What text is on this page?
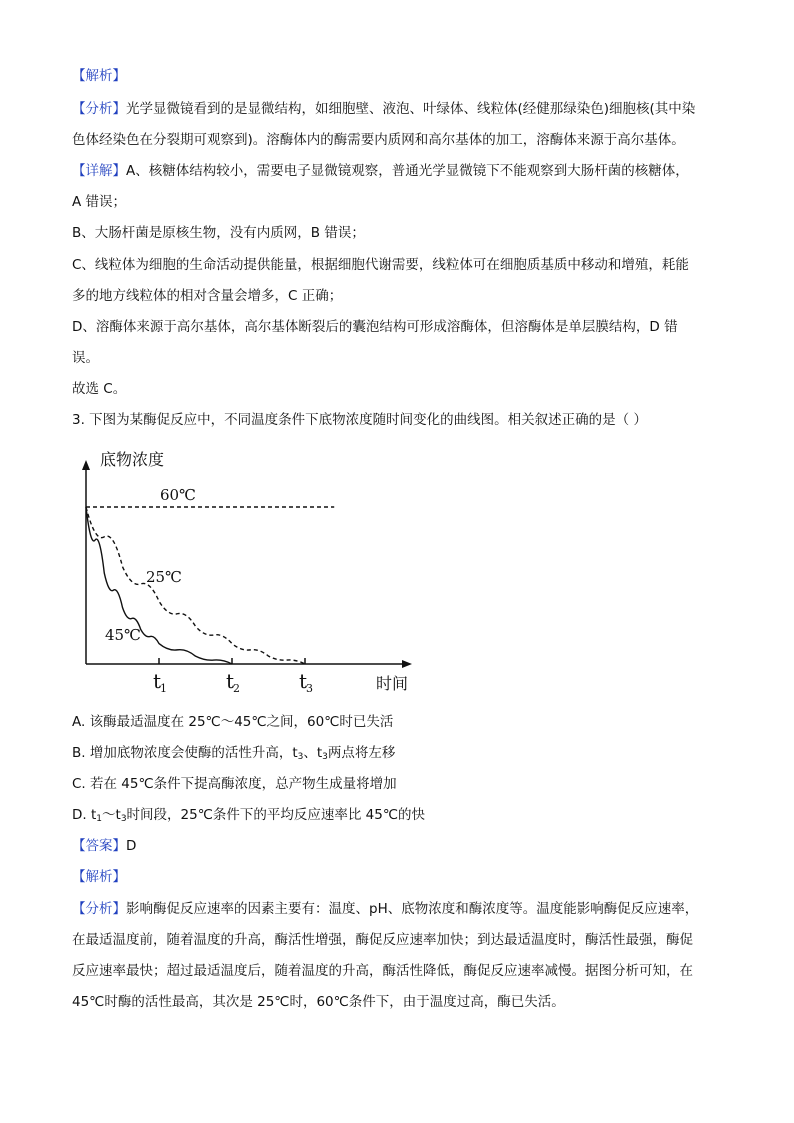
【解析】
【分析】光学显微镜看到的是显微结构，如细胞壁、液泡、叶绿体、线粒体(经健那绿染色)细胞核(其中染
色体经染色在分裂期可观察到)。溶酶体内的酶需要内质网和高尔基体的加工，溶酶体来源于高尔基体。
【详解】A、核糖体结构较小，需要电子显微镜观察，普通光学显微镜下不能观察到大肠杆菌的核糖体，
A 错误；
B、大肠杆菌是原核生物，没有内质网，B 错误；
C、线粒体为细胞的生命活动提供能量，根据细胞代谢需要，线粒体可在细胞质基质中移动和增殖，耗能
多的地方线粒体的相对含量会增多，C 正确；
D、溶酶体来源于高尔基体，高尔基体断裂后的囊泡结构可形成溶酶体，但溶酶体是单层膜结构，D 错
误。
故选 C。
3. 下图为某酶促反应中，不同温度条件下底物浓度随时间变化的曲线图。相关叙述正确的是（ ）
t
1	t
2	t
3
底物浓度
时间
60℃
25℃
45℃
A. 该酶最适温度在 25℃～45℃之间，60℃时已失活
B. 增加底物浓度会使酶的活性升高，$t_3$、$t_3$两点将左移
C. 若在 45℃条件下提高酶浓度，总产物生成量将增加
D. $t_1\sim t_3$时间段，25℃条件下的平均反应速率比 45℃的快
【答案】D
【解析】
【分析】影响酶促反应速率的因素主要有：温度、pH、底物浓度和酶浓度等。温度能影响酶促反应速率，
在最适温度前，随着温度的升高，酶活性增强，酶促反应速率加快；到达最适温度时，酶活性最强，酶促
反应速率最快；超过最适温度后，随着温度的升高，酶活性降低，酶促反应速率减慢。据图分析可知，在
45℃时酶的活性最高，其次是 25℃时，60℃条件下，由于温度过高，酶已失活。
